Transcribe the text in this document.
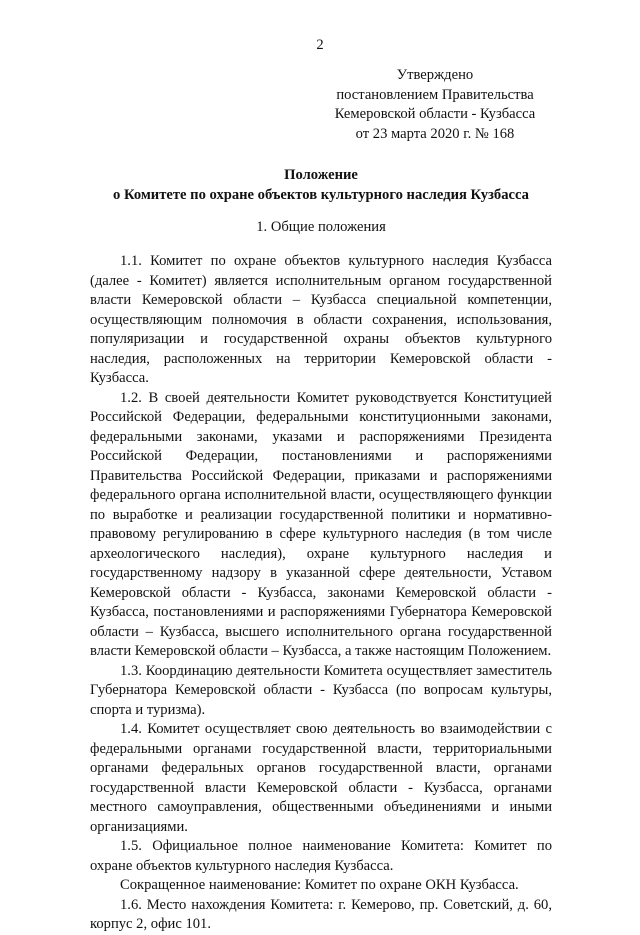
2
Утверждено
постановлением Правительства
Кемеровской области - Кузбасса
от 23 марта 2020 г. № 168
Положение
о Комитете по охране объектов культурного наследия Кузбасса
1. Общие положения

1.1. Комитет по охране объектов культурного наследия Кузбасса (далее - Комитет) является исполнительным органом государственной власти Кемеровской области – Кузбасса специальной компетенции, осуществляющим полномочия в области сохранения, использования, популяризации и государственной охраны объектов культурного наследия, расположенных на территории Кемеровской области - Кузбасса.

1.2. В своей деятельности Комитет руководствуется Конституцией Российской Федерации, федеральными конституционными законами, федеральными законами, указами и распоряжениями Президента Российской Федерации, постановлениями и распоряжениями Правительства Российской Федерации, приказами и распоряжениями федерального органа исполнительной власти, осуществляющего функции по выработке и реализации государственной политики и нормативно-правовому регулированию в сфере культурного наследия (в том числе археологического наследия), охране культурного наследия и государственному надзору в указанной сфере деятельности, Уставом Кемеровской области - Кузбасса, законами Кемеровской области - Кузбасса, постановлениями и распоряжениями Губернатора Кемеровской области – Кузбасса, высшего исполнительного органа государственной власти Кемеровской области – Кузбасса, а также настоящим Положением.

1.3. Координацию деятельности Комитета осуществляет заместитель Губернатора Кемеровской области - Кузбасса (по вопросам культуры, спорта и туризма).

1.4. Комитет осуществляет свою деятельность во взаимодействии с федеральными органами государственной власти, территориальными органами федеральных органов государственной власти, органами государственной власти Кемеровской области - Кузбасса, органами местного самоуправления, общественными объединениями и иными организациями.

1.5. Официальное полное наименование Комитета: Комитет по охране объектов культурного наследия Кузбасса.

Сокращенное наименование: Комитет по охране ОКН Кузбасса.

1.6. Место нахождения Комитета: г. Кемерово, пр. Советский, д. 60, корпус 2, офис 101.
